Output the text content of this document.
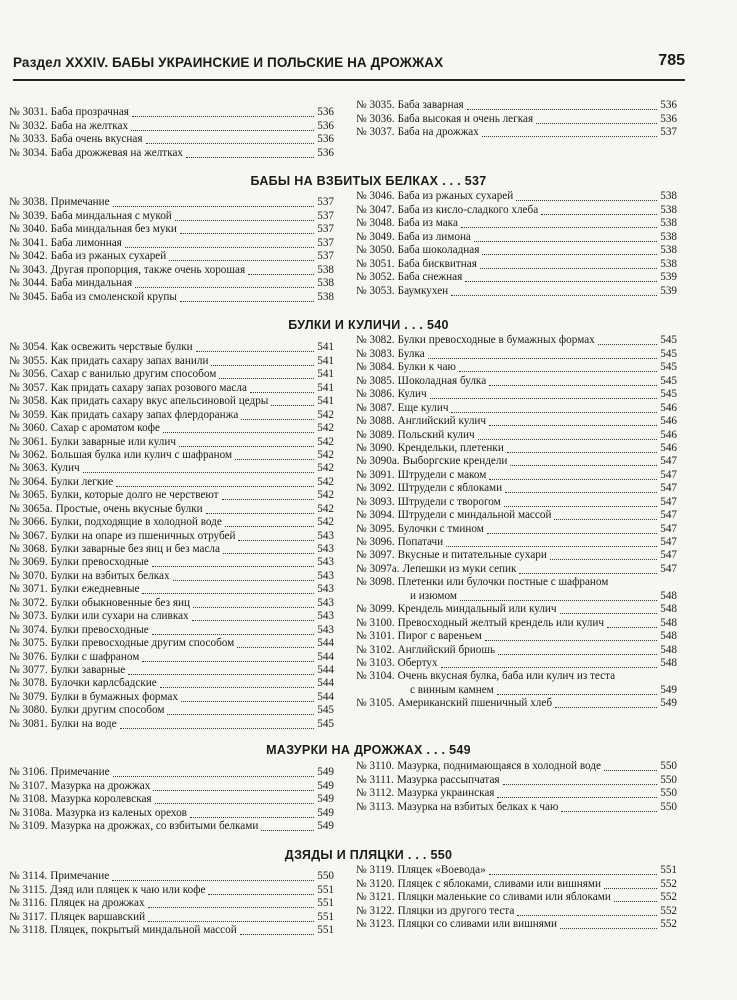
Раздел XXXIV. БАБЫ УКРАИНСКИЕ И ПОЛЬСКИЕ НА ДРОЖЖАХ	785
№ 3031. Баба прозрачная	536
№ 3032. Баба на желтках	536
№ 3033. Баба очень вкусная	536
№ 3034. Баба дрожжевая на желтках	536
№ 3035. Баба заварная	536
№ 3036. Баба высокая и очень легкая	536
№ 3037. Баба на дрожжах	537
БАБЫ НА ВЗБИТЫХ БЕЛКАХ . . . 537
№ 3038. Примечание	537
№ 3039. Баба миндальная с мукой	537
№ 3040. Баба миндальная без муки	537
№ 3041. Баба лимонная	537
№ 3042. Баба из ржаных сухарей	537
№ 3043. Другая пропорция, также очень хорошая	538
№ 3044. Баба миндальная	538
№ 3045. Баба из смоленской крупы	538
№ 3046. Баба из ржаных сухарей	538
№ 3047. Баба из кисло-сладкого хлеба	538
№ 3048. Баба из мака	538
№ 3049. Баба из лимона	538
№ 3050. Баба шоколадная	538
№ 3051. Баба бисквитная	538
№ 3052. Баба снежная	539
№ 3053. Баумкухен	539
БУЛКИ И КУЛИЧИ . . . 540
№ 3054. Как освежить черствые булки	541
№ 3055. Как придать сахару запах ванили	541
№ 3056. Сахар с ванилью другим способом	541
№ 3057. Как придать сахару запах розового масла	541
№ 3058. Как придать сахару вкус апельсиновой цедры	541
№ 3059. Как придать сахару запах флердоранжа	542
№ 3060. Сахар с ароматом кофе	542
№ 3061. Булки заварные или кулич	542
№ 3062. Большая булка или кулич с шафраном	542
№ 3063. Кулич	542
№ 3064. Булки легкие	542
№ 3065. Булки, которые долго не черствеют	542
№ 3065а. Простые, очень вкусные булки	542
№ 3066. Булки, подходящие в холодной воде	542
№ 3067. Булки на опаре из пшеничных отрубей	543
№ 3068. Булки заварные без яиц и без масла	543
№ 3069. Булки превосходные	543
№ 3070. Булки на взбитых белках	543
№ 3071. Булки ежедневные	543
№ 3072. Булки обыкновенные без яиц	543
№ 3073. Булки или сухари на сливках	543
№ 3074. Булки превосходные	543
№ 3075. Булки превосходные другим способом	544
№ 3076. Булки с шафраном	544
№ 3077. Булки заварные	544
№ 3078. Булочки карлсбадские	544
№ 3079. Булки в бумажных формах	544
№ 3080. Булки другим способом	545
№ 3081. Булки на воде	545
№ 3082. Булки превосходные в бумажных формах	545
№ 3083. Булка	545
№ 3084. Булки к чаю	545
№ 3085. Шоколадная булка	545
№ 3086. Кулич	545
№ 3087. Еще кулич	546
№ 3088. Английский кулич	546
№ 3089. Польский кулич	546
№ 3090. Крендельки, плетенки	546
№ 3090а. Выборгские крендели	547
№ 3091. Штрудели с маком	547
№ 3092. Штрудели с яблоками	547
№ 3093. Штрудели с творогом	547
№ 3094. Штрудели с миндальной массой	547
№ 3095. Булочки с тмином	547
№ 3096. Попатачи	547
№ 3097. Вкусные и питательные сухари	547
№ 3097а. Лепешки из муки сепик	547
№ 3098. Плетенки или булочки постные с шафраном
и изюмом	548
№ 3099. Крендель миндальный или кулич	548
№ 3100. Превосходный желтый крендель или кулич	548
№ 3101. Пирог с вареньем	548
№ 3102. Английский бриошь	548
№ 3103. Обертух	548
№ 3104. Очень вкусная булка, баба или кулич из теста
с винным камнем	549
№ 3105. Американский пшеничный хлеб	549
МАЗУРКИ НА ДРОЖЖАХ . . . 549
№ 3106. Примечание	549
№ 3107. Мазурка на дрожжах	549
№ 3108. Мазурка королевская	549
№ 3108а. Мазурка из каленых орехов	549
№ 3109. Мазурка на дрожжах, со взбитыми белками	549
№ 3110. Мазурка, поднимающаяся в холодной воде	550
№ 3111. Мазурка рассыпчатая	550
№ 3112. Мазурка украинская	550
№ 3113. Мазурка на взбитых белках к чаю	550
ДЗЯДЫ И ПЛЯЦКИ . . . 550
№ 3114. Примечание	550
№ 3115. Дзяд или пляцек к чаю или кофе	551
№ 3116. Пляцек на дрожжах	551
№ 3117. Пляцек варшавский	551
№ 3118. Пляцек, покрытый миндальной массой	551
№ 3119. Пляцек «Воевода»	551
№ 3120. Пляцек с яблоками, сливами или вишнями	552
№ 3121. Пляцки маленькие со сливами или яблоками	552
№ 3122. Пляцки из другого теста	552
№ 3123. Пляцки со сливами или вишнями	552
